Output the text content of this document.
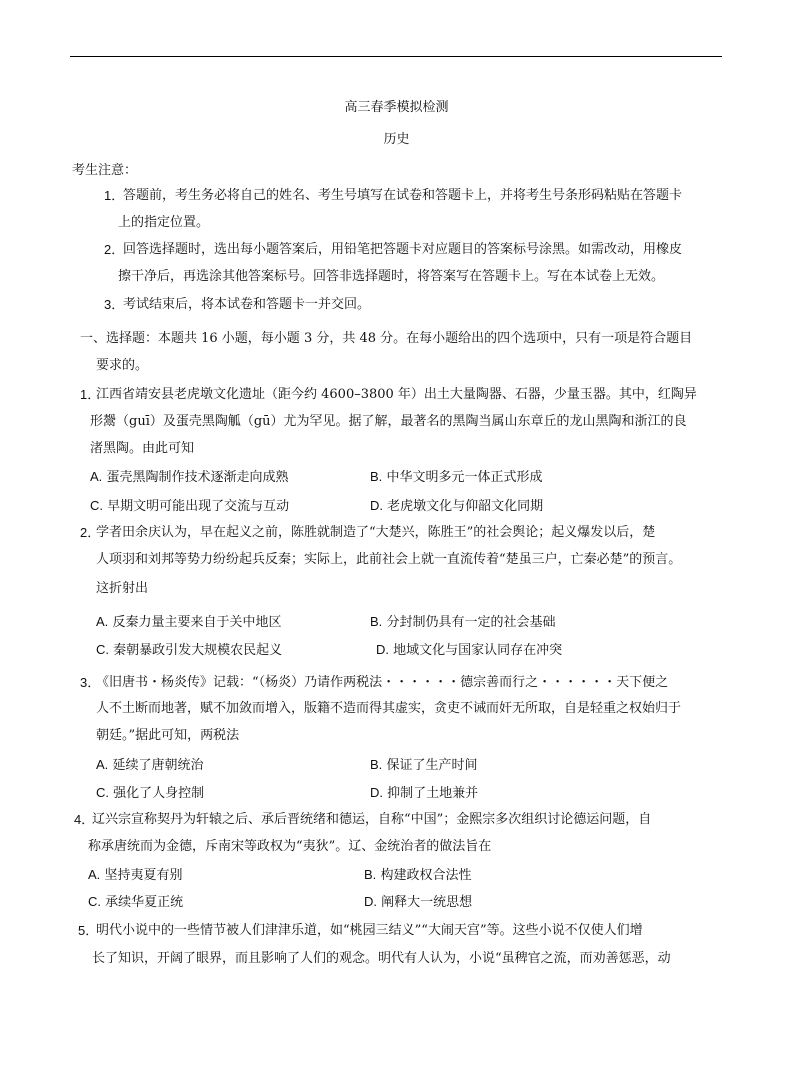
高三春季模拟检测
历史
考生注意：
1．
答题前，考生务必将自己的姓名、考生号填写在试卷和答题卡上，并将考生号条形码粘贴在答题卡
上的指定位置。
2．
回答选择题时，选出每小题答案后，用铅笔把答题卡对应题目的答案标号涂黑。如需改动，用橡皮
擦干净后，再选涂其他答案标号。回答非选择题时，将答案写在答题卡上。写在本试卷上无效。
3．
考试结束后，将本试卷和答题卡一并交回。
一、选择题：本题共 16 小题，每小题 3 分，共 48 分。在每小题给出的四个选项中，只有一项是符合题目
要求的。
1．
江西省靖安县老虎墩文化遗址（距今约 4600–3800 年）出土大量陶器、石器，少量玉器。其中，红陶异
形鬶（guī）及蛋壳黑陶觚（gū）尤为罕见。据了解，最著名的黑陶当属山东章丘的龙山黑陶和浙江的良
渚黑陶。由此可知
A. 蛋壳黑陶制作技术逐渐走向成熟	B. 中华文明多元一体正式形成
C. 早期文明可能出现了交流与互动	D. 老虎墩文化与仰韶文化同期
2．
学者田余庆认为，早在起义之前，陈胜就制造了“大楚兴，陈胜王”的社会舆论；起义爆发以后，楚
人项羽和刘邦等势力纷纷起兵反秦；实际上，此前社会上就一直流传着“楚虽三户，亡秦必楚”的预言。
这折射出
A. 反秦力量主要来自于关中地区	B. 分封制仍具有一定的社会基础
C. 秦朝暴政引发大规模农民起义	D. 地域文化与国家认同存在冲突
3．
《旧唐书・杨炎传》记载：“（杨炎）乃请作两税法・・・・・・德宗善而行之・・・・・・天下便之
人不土断而地著，赋不加敛而增入，版籍不造而得其虚实，贪吏不诫而奸无所取，自是轻重之权始归于
朝廷。”据此可知，两税法
A. 延续了唐朝统治	B. 保证了生产时间
C. 强化了人身控制	D. 抑制了土地兼并
4．
辽兴宗宣称契丹为轩辕之后、承后晋统绪和德运，自称“中国”；金熙宗多次组织讨论德运问题，自
称承唐统而为金德，斥南宋等政权为“夷狄”。辽、金统治者的做法旨在
A. 坚持夷夏有别	B. 构建政权合法性
C. 承续华夏正统	D. 阐释大一统思想
5．
明代小说中的一些情节被人们津津乐道，如“桃园三结义”“大闹天宫”等。这些小说不仅使人们增
长了知识，开阔了眼界，而且影响了人们的观念。明代有人认为，小说“虽稗官之流，而劝善惩恶，动
